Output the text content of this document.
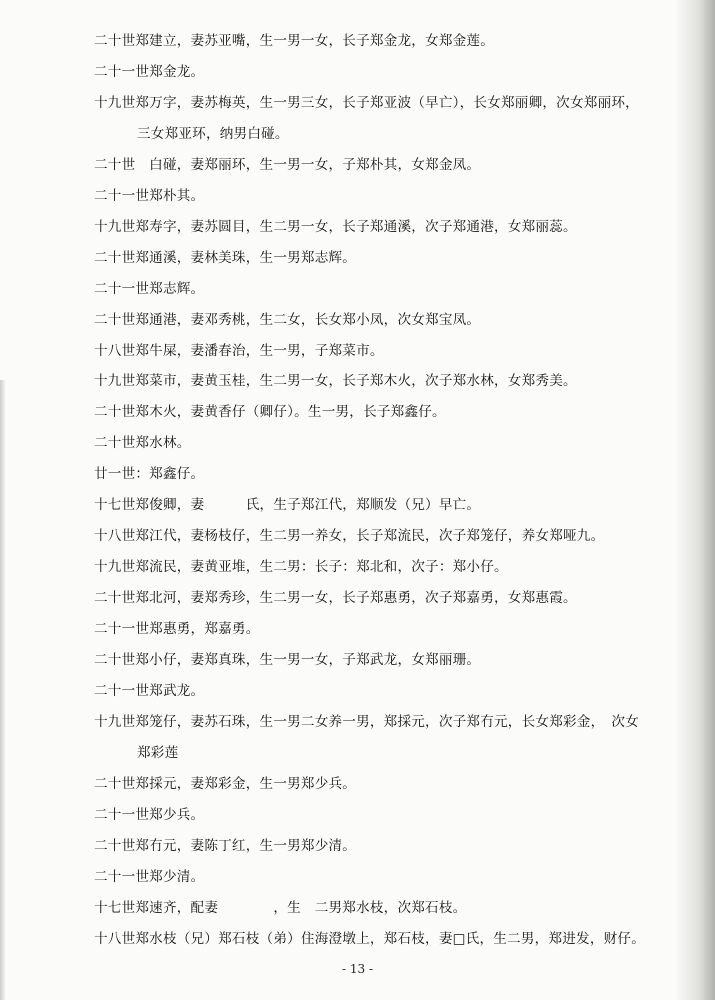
二十世郑建立，妻苏亚嘴，生一男一女，长子郑金龙，女郑金莲。
二十一世郑金龙。
十九世郑万字，妻苏梅英，生一男三女，长子郑亚波（早亡），长女郑丽卿，次女郑丽环，
三女郑亚环，纳男白碰。
二十世　白碰，妻郑丽环，生一男一女，子郑朴其，女郑金凤。
二十一世郑朴其。
十九世郑寿字，妻苏圆目，生二男一女，长子郑通溪，次子郑通港，女郑丽蕊。
二十世郑通溪，妻林美珠，生一男郑志辉。
二十一世郑志辉。
二十世郑通港，妻邓秀桃，生二女，长女郑小凤，次女郑宝凤。
十八世郑牛屎，妻潘春治，生一男，子郑菜市。
十九世郑菜市，妻黄玉桂，生二男一女，长子郑木火，次子郑水林，女郑秀美。
二十世郑木火，妻黄香仔（卿仔）。生一男，长子郑鑫仔。
二十世郑水林。
廿一世：郑鑫仔。
十七世郑俊卿，妻　　　氏，生子郑江代，郑顺发（兄）早亡。
十八世郑江代，妻杨枝仔，生二男一养女，长子郑流民，次子郑笼仔，养女郑哑九。
十九世郑流民，妻黄亚堆，生二男：长子：郑北和，次子：郑小仔。
二十世郑北河，妻郑秀珍，生二男一女，长子郑惠勇，次子郑嘉勇，女郑惠霞。
二十一世郑惠勇，郑嘉勇。
二十世郑小仔，妻郑真珠，生一男一女，子郑武龙，女郑丽珊。
二十一世郑武龙。
十九世郑笼仔，妻苏石珠，生一男二女养一男，郑採元，次子郑冇元，长女郑彩金，　次女
郑彩莲
二十世郑採元，妻郑彩金，生一男郑少兵。
二十一世郑少兵。
二十世郑冇元，妻陈丁红，生一男郑少清。
二十一世郑少清。
十七世郑速齐，配妻　　　　，生　二男郑水枝，次郑石枝。
十八世郑水枝（兄）郑石枝（弟）住海澄墩上，郑石枝，妻□氏，生二男，郑进发，财仔。
- 13 -
